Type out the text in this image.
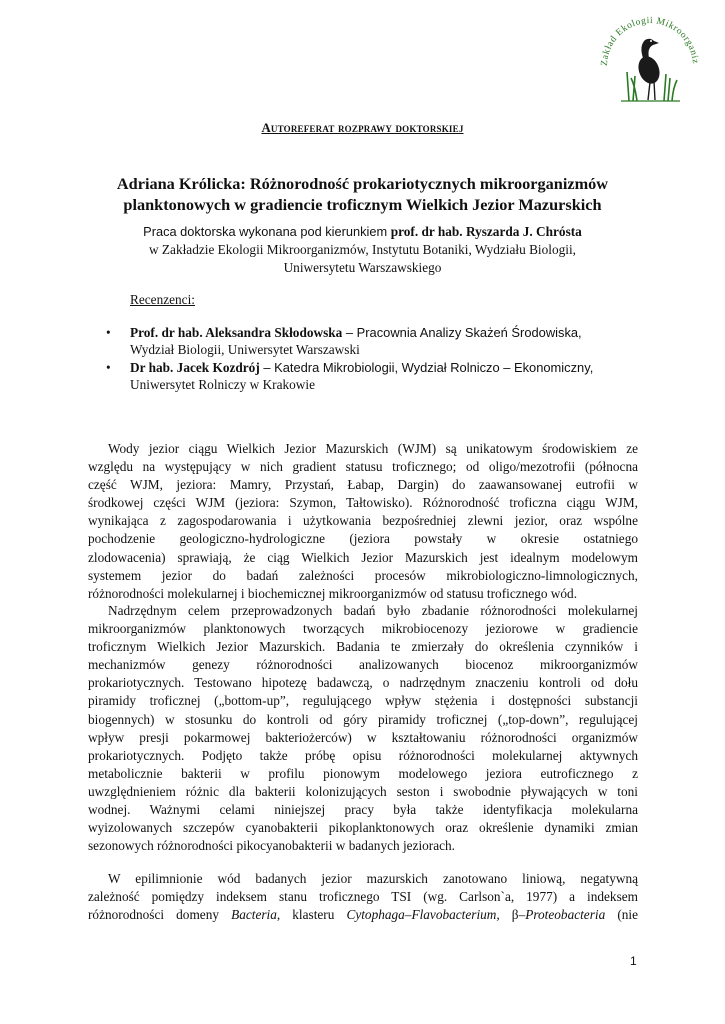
Zakład Ekologii Mikroorganiz
Autoreferat rozprawy doktorskiej
Adriana Królicka: Różnorodność prokariotycznych mikroorganizmów
planktonowych w gradiencie troficznym Wielkich Jezior Mazurskich
Praca doktorska wykonana pod kierunkiem prof. dr hab. Ryszarda J. Chrósta
w Zakładzie Ekologii Mikroorganizmów, Instytutu Botaniki, Wydziału Biologii,
Uniwersytetu Warszawskiego
Recenzenci:
• Prof. dr hab. Aleksandra Skłodowska – Pracownia Analizy Skażeń Środowiska,
Wydział Biologii, Uniwersytet Warszawski
• Dr hab. Jacek Kozdrój – Katedra Mikrobiologii, Wydział Rolniczo – Ekonomiczny,
Uniwersytet Rolniczy w Krakowie
Wody jezior ciągu Wielkich Jezior Mazurskich (WJM) są unikatowym środowiskiem ze
względu na występujący w nich gradient statusu troficznego; od oligo/mezotrofii (północna
część WJM, jeziora: Mamry, Przystań, Łabap, Dargin) do zaawansowanej eutrofii w
środkowej części WJM (jeziora: Szymon, Tałtowisko). Różnorodność troficzna ciągu WJM,
wynikająca z zagospodarowania i użytkowania bezpośredniej zlewni jezior, oraz wspólne
pochodzenie geologiczno-hydrologiczne (jeziora powstały w okresie ostatniego
zlodowacenia) sprawiają, że ciąg Wielkich Jezior Mazurskich jest idealnym modelowym
systemem jezior do badań zależności procesów mikrobiologiczno-limnologicznych,
różnorodności molekularnej i biochemicznej mikroorganizmów od statusu troficznego wód.
Nadrzędnym celem przeprowadzonych badań było zbadanie różnorodności molekularnej
mikroorganizmów planktonowych tworzących mikrobiocenozy jeziorowe w gradiencie
troficznym Wielkich Jezior Mazurskich. Badania te zmierzały do określenia czynników i
mechanizmów genezy różnorodności analizowanych biocenoz mikroorganizmów
prokariotycznych. Testowano hipotezę badawczą, o nadrzędnym znaczeniu kontroli od dołu
piramidy troficznej („bottom-up”, regulującego wpływ stężenia i dostępności substancji
biogennych) w stosunku do kontroli od góry piramidy troficznej („top-down”, regulującej
wpływ presji pokarmowej bakteriożerców) w kształtowaniu różnorodności organizmów
prokariotycznych. Podjęto także próbę opisu różnorodności molekularnej aktywnych
metabolicznie bakterii w profilu pionowym modelowego jeziora eutroficznego z
uwzględnieniem różnic dla bakterii kolonizujących seston i swobodnie pływających w toni
wodnej. Ważnymi celami niniejszej pracy była także identyfikacja molekularna
wyizolowanych szczepów cyanobakterii pikoplanktonowych oraz określenie dynamiki zmian
sezonowych różnorodności pikocyanobakterii w badanych jeziorach.
W epilimnionie wód badanych jezior mazurskich zanotowano liniową, negatywną
zależność pomiędzy indeksem stanu troficznego TSI (wg. Carlson`a, 1977) a indeksem
różnorodności domeny Bacteria, klasteru Cytophaga–Flavobacterium, β–Proteobacteria (nie
1
